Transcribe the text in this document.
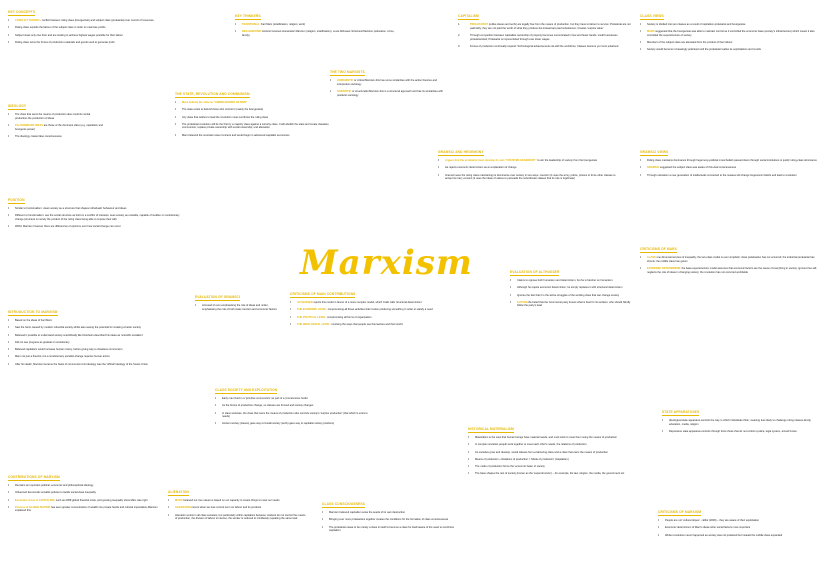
Marxism
KEY CONCEPTS
• CONFLICT THEORY– conflict between ruling class (bourgeoisie) and subject class (proletariat) over control of resources
• Ruling class exploits the labour of the subject class in order to maximise profits
• Subject class only own their and are looking to achieve highest wages possible for their labour
• Ruling class owns the forces of production-materials and goods used to generate profit
IDEOLOGY
• The class that owns the means of production also controls mental production-the production of ideas
• The DOMINANT IDEAS are those of the dominant class (e.g. capitalism and bourgeois power)
• The ideology create false consciousness
POSITION
• Similar to functionalism: views society as a structure that shapes individuals' behaviour and ideas
• Different to functionalism: see the social structure as built on a conflict of interests; sees society as unstable, capable of sudden or revolutionary change (structure is merely the product of the ruling class being able to impose their will)
• Within Marxism however there are differences of opinions over how social change can occur
INTRODUCTION TO MARXISM
• Based on the ideas of Karl Marx
• Saw the harm caused by modern industrial society whilst also seeing the potential for creating a better society
• Believed it possible to understand society scientifically like Durkheim-described his ideas as 'scientific socialism'
• Did not see progress as gradual or evolutionary
• Believed capitalism would increase human misery, before giving way to classless communism
• Marx not just a theorist, but a revolutionary socialist-change requires human action
• After his death, Marxism became the basis of communism-his ideology was the 'official' ideology of the Soviet Union
CONTRIBUTIONS OF MARXISM
• Remains an important political, economic and philosophical ideology
• Influenced democratic socialist policies to tackle social-class inequality
• Economic crisis of CAPITALISM, such as 2008 global financial crisis, and growing inequality show Marx was right
• Process of GLOBALISATION has seen greater concentration of wealth into private hands and cultural imperialism-Marxism explained this
KEY THINKERS
• TRADITIONAL: Karl Marx (stratification, religion, work)
• NEO-MARXISM: Antonio Gramsci-Humanistic Marxism (religion, stratification), Louis Althusser-Structural Marxism (education, crime, family)
THE TWO MARXISTS
• HUMANISTIC or critical Marxism-this has some similarities with the action theories and interpretive sociology
• SCIENTIFIC or structuralist Marxism-this is a structural approach and has its similarities with positivist sociology
THE STATE, REVOLUTION AND COMMUNISM
• Marx defined the state as "ARMED BODIES OF MEN"
• The state exists to defend those who control it (mainly the bourgeoisie)
• Any class that wishes to lead the revolution must overthrow the ruling class
• The proletariat revolution will be the first by a majority class against a minority class. It will abolish the state and create classless communism; replace private ownership with social ownership; end alienation
• Marx believed the revolution was imminent and would begin in advanced capitalist economies
EVALUATION OF GRAMSCI
• Accused of over-emphasising the role of ideas and under-emphasising the role of both state coercion and economic factors
CRITICISMS OF MAIN CONTRIBUTIONS
• ALTHUSSER rejects this model in favour of a more complex model, which Craib calls 'structural determinism'
• THE ECONOMIC LEVEL: compromising all those activities that involve producing something in order to satisfy a need
• THE POLITICAL LEVEL: compromising all forms of organisation
• THE IDEOLOGICAL LEVEL: involving the ways that people see themselves and their world.
CLASS SOCIETY AND EXPLOITATION
• Early man lived in a 'primitive communism' as part of a 'promiscuous horde'
• As the forces of production change, so classes are formed and society changes
• In class societies, the class that owns the means of production also controls society's 'surplus production' (that which is extra to needs)
• Ancient society (slaves) gave way to feudal society (serfs) gave way to capitalist society (workers)
ALIENATION
• MARX believed our true nature is based on our capacity to create things to meet our needs
• ALIENATION occurs when we lose control over our labour and its products
• Alienation exists in all class societies, but particularly within capitalism because: workers do not control the means of production, the division of labour is intense, the worker is reduced to mindlessly repeating the same task.
CLASS CONSCIOUSNESS
• Marxism believed capitalism sows the seeds of its own destruction
• Bringing ever more proletarians together creates the conditions for the formation of class consciousness
• The proletariat cease to be merely a class in itself to become a class for itself-aware of the need to overthrow capitalism
CAPITALISM
1.	PROLETARIAT (unlike slaves and serfs) are legally free from the means of production, but they have to labour to survive: Proletariat are not paid fairly, they are not paid the worth of what they produce-but instead are paid subsistence; Creates 'surplus value'
2.	Through competition between capitalists ownership of property becomes concentrated in few and fewer hands: small businesses proletarianized; Proletariat is impoverished through ever lower wages
3.	Forces of production continually expand: Technological advancements de-skill the workforce; Classes become yet more polarised
GRAMSCI AND HEGEMONY
• Argues that the proletariat must develop its own "COUNTER-HEGEMONY" to win the leadership of society from the bourgeoisie
• He rejects economic determinism as an explanation of change
• Gramsci sees the ruling class maintaining its dominance over society in two ways: coercion (it uses the army, police, prisons to force other classes to accept its rule); consent (it uses the ideas of values to persuade the subordinate classes that its rule is legitimate)
EVALUATION OF ALTHUSSER
• Claims to oppose both humanism and determinism, but he is harsher on humanism.
• Although he rejects economic determinism, he simply replaces it with structural determinism
• Ignores the fact that it is the active struggles of the working class that can change society
• ELITISM-the belief that the Communist party knows what is best for its workers, who should blindly follow the party's lead
HISTORICAL MATERIALISM
• Materialism is the view that human beings have material needs, and must work to meet them using the means of production
• In complex societies people work together to meet each other's needs, the relations of production
• As societies grow and develop, social classes form-a labouring class and a class that owns the means of production
• Means of production + Relations of production = 'Mode of production' (Capitalism)
• The mode of production forms the 'economic base' of society
• The base shapes the rest of society (known as the 'superstructure') – for example, the law, religion, the media, the government etc.
CLASS VIEWS
• Society is divided into two classes as a result of capitalism-proletariat and bourgeoisie
• MARX suggested that the bourgeoisie was able to maintain control as it controlled the economic base (society's infrastructure) which meant it also controlled the superstructure of society
• Members of the subject class are alienated from the product of their labour
• Society would become increasingly polarised until the proletariat realise its exploitations and revolts
GRAMSCI VIEWS
• Ruling class maintains dominance through hegemony-political moral beliefs passed down through social institutions to justify ruling-class dominance
• GRAMSCI suggested the subject class was aware of this-dual consciousness
• Through education a new generation of intellectuals connected to the masses will change hegemonic beliefs and lead to revolution
CRITICISMS OF MARX
• CLASS one dimensional view of inequality; the two-class model is over simplistic; class polarisation has not occurred; the industrial proletariat has shrunk; the middle class has grown
• ECONOMIC DETERMINISM: the base-superstructure model assumes that economic factors are the cause of everything in society; ignores free will; neglects the role of ideas in changing society; the revolution has not occurred worldwide
STATE APPARATUSES
• Ideological state apparatus-controls the way in which individuals think, meaning less likely to challenge ruling classes-family, education, media, religion
• Repressive state apparatus-controls through force those that do not conform-police, legal system, armed forces
CRITICISMS OF MARXISM
• People are not 'cultural dopes' – Elliot (2009) – they are aware of their exploitation
• Economic determinism of Marx's ideas-other social factors more important
• Weber-revolution never happened as society was not polarised but instead the middle class expanded
